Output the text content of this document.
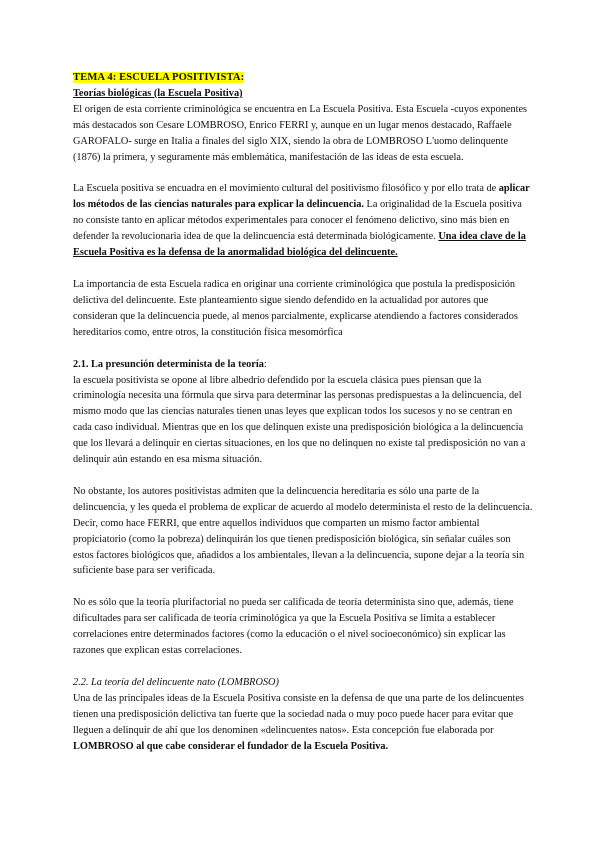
TEMA 4: ESCUELA POSITIVISTA:
Teorías biológicas (la Escuela Positiva)

El origen de esta corriente criminológica se encuentra en La Escuela Positiva. Esta Escuela -cuyos exponentes más destacados son Cesare LOMBROSO, Enrico FERRI y, aunque en un lugar menos destacado, Raffaele GAROFALO- surge en Italia a finales del siglo XIX, siendo la obra de LOMBROSO L'uomo delinquente (1876) la primera, y seguramente más emblemática, manifestación de las ideas de esta escuela.

La Escuela positiva se encuadra en el movimiento cultural del positivismo filosófico y por ello trata de aplicar los métodos de las ciencias naturales para explicar la delincuencia. La originalidad de la Escuela positiva no consiste tanto en aplicar métodos experimentales para conocer el fenómeno delictivo, sino más bien en defender la revolucionaria idea de que la delincuencia está determinada biológicamente. Una idea clave de la Escuela Positiva es la defensa de la anormalidad biológica del delincuente.

La importancia de esta Escuela radica en originar una corriente criminológica que postula la predisposición delictiva del delincuente. Este planteamiento sigue siendo defendido en la actualidad por autores que consideran que la delincuencia puede, al menos parcialmente, explicarse atendiendo a factores considerados hereditarios como, entre otros, la constitución física mesomórfica

2.1. La presunción determinista de la teoría:

la escuela positivista se opone al libre albedrío defendido por la escuela clásica pues piensan que la criminología necesita una fórmula que sirva para determinar las personas predispuestas a la delincuencia, del mismo modo que las ciencias naturales tienen unas leyes que explican todos los sucesos y no se centran en cada caso individual. Mientras que en los que delinquen existe una predisposición biológica a la delincuencia que los llevará a delinquir en ciertas situaciones, en los que no delinquen no existe tal predisposición no van a delinquir aún estando en esa misma situación.

No obstante, los autores positivistas admiten que la delincuencia hereditaria es sólo una parte de la delincuencia, y les queda el problema de explicar de acuerdo al modelo determinista el resto de la delincuencia. Decir, como hace FERRI, que entre aquellos individuos que comparten un mismo factor ambiental propiciatorio (como la pobreza) delinquirán los que tienen predisposición biológica, sin señalar cuáles son estos factores biológicos que, añadidos a los ambientales, llevan a la delincuencia, supone dejar a la teoría sin suficiente base para ser verificada.

No es sólo que la teoría plurifactorial no pueda ser calificada de teoría determinista sino que, además, tiene dificultades para ser calificada de teoría criminológica ya que la Escuela Positiva se limita a establecer correlaciones entre determinados factores (como la educación o el nivel socioeconómico) sin explicar las razones que explican estas correlaciones.

2.2. La teoría del delincuente nato (LOMBROSO)

Una de las principales ideas de la Escuela Positiva consiste en la defensa de que una parte de los delincuentes tienen una predisposición delictiva tan fuerte que la sociedad nada o muy poco puede hacer para evitar que lleguen a delinquir de ahí que los denominen «delincuentes natos». Esta concepción fue elaborada por LOMBROSO al que cabe considerar el fundador de la Escuela Positiva.
